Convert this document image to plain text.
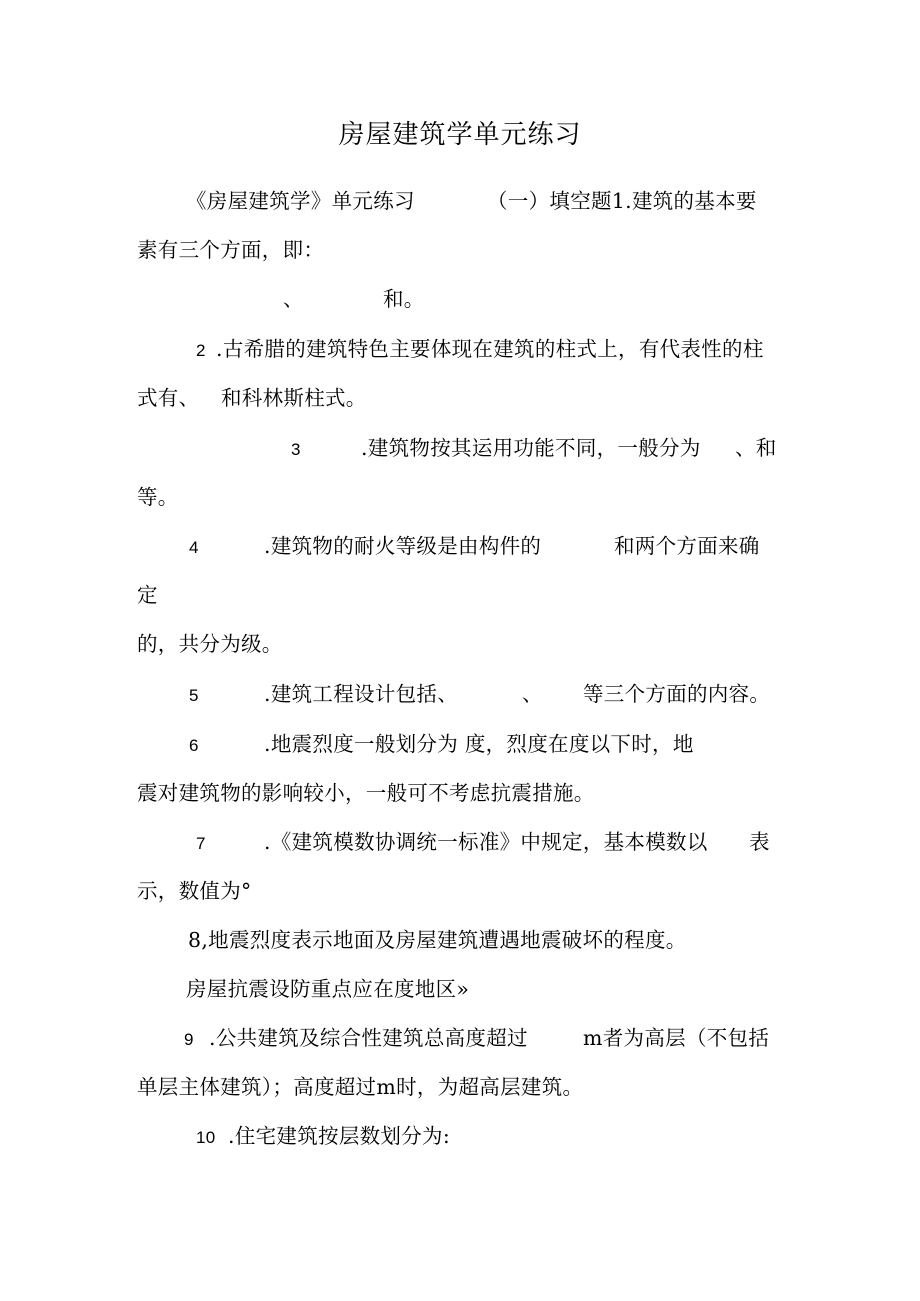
房屋建筑学单元练习
《房屋建筑学》单元练习	（一）填空题1.建筑的基本要
素有三个方面，即：
、	和。
2 .古希腊的建筑特色主要体现在建筑的柱式上，有代表性的柱
式有、 和科林斯柱式。
3	.建筑物按其运用功能不同，一般分为 、和
等。
4	.建筑物的耐火等级是由构件的	和两个方面来确
定
的，共分为级。
5	.建筑工程设计包括、	、 等三个方面的内容。
6	.地震烈度一般划分为 度，烈度在度以下时，地
震对建筑物的影响较小，一般可不考虑抗震措施。
7	.《建筑模数协调统一标准》中规定，基本模数以 表
示，数值为°
8,地震烈度表示地面及房屋建筑遭遇地震破坏的程度。
房屋抗震设防重点应在度地区»
9 .公共建筑及综合性建筑总高度超过	m者为高层（不包括
单层主体建筑）；高度超过m时，为超高层建筑。
10 .住宅建筑按层数划分为:
